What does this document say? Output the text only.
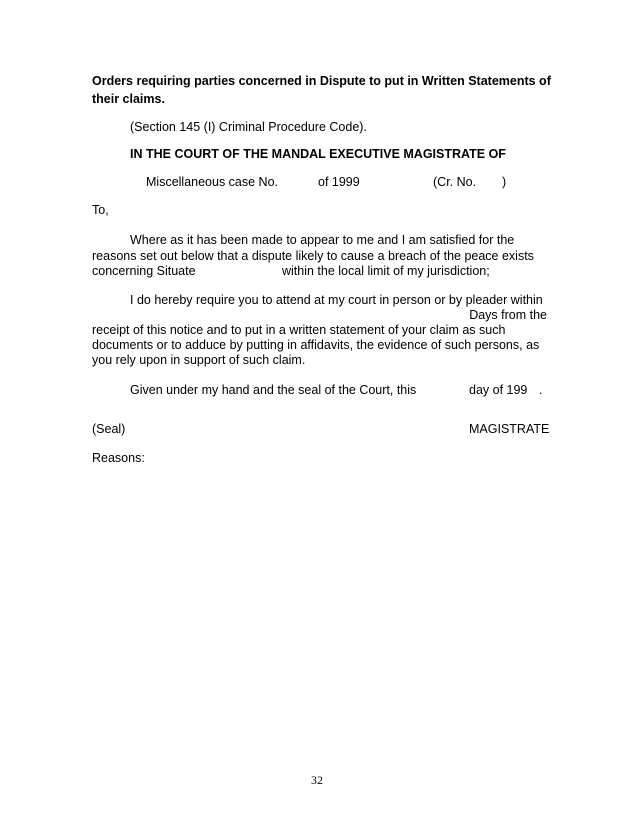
Orders requiring parties concerned in Dispute to put in Written Statements of
their claims.
(Section 145 (I) Criminal Procedure Code).
IN THE COURT OF THE MANDAL EXECUTIVE MAGISTRATE OF
Miscellaneous case No.	of 1999	(Cr. No. )
To,
Where as it has been made to appear to me and I am satisfied for the
reasons set out below that a dispute likely to cause a breach of the peace exists
concerning Situate	within the local limit of my jurisdiction;
I do hereby require you to attend at my court in person or by pleader within
Days from the
receipt of this notice and to put in a written statement of your claim as such
documents or to adduce by putting in affidavits, the evidence of such persons, as
you rely upon in support of such claim.
Given under my hand and the seal of the Court, this	day of 199 .
(Seal)	MAGISTRATE
Reasons:
32
